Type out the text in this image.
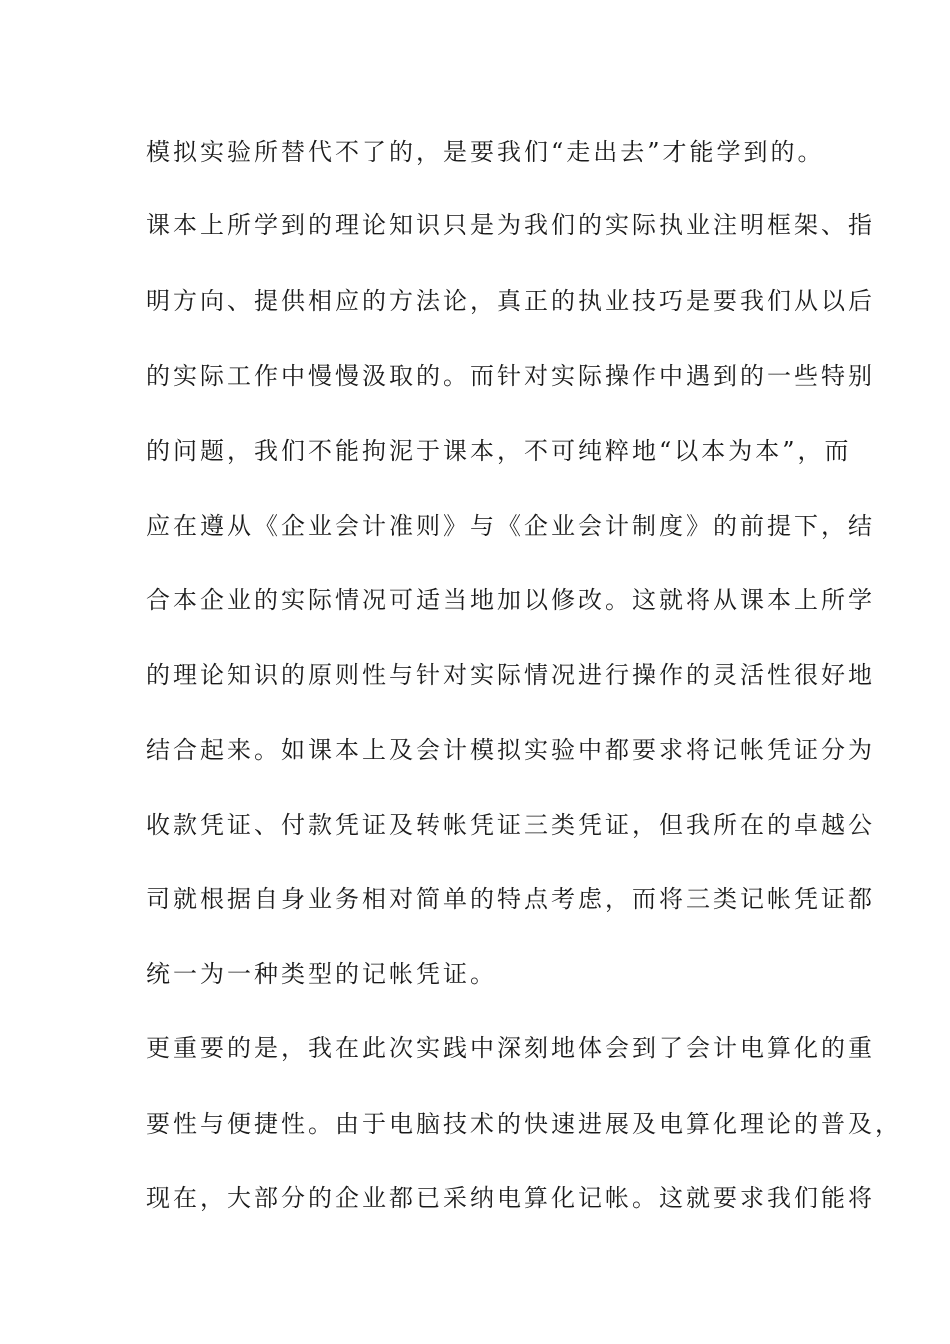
模拟实验所替代不了的，是要我们“走出去”才能学到的。
课本上所学到的理论知识只是为我们的实际执业注明框架、指
明方向、提供相应的方法论，真正的执业技巧是要我们从以后
的实际工作中慢慢汲取的。而针对实际操作中遇到的一些特别
的问题，我们不能拘泥于课本，不可纯粹地“以本为本”，而
应在遵从《企业会计准则》与《企业会计制度》的前提下，结
合本企业的实际情况可适当地加以修改。这就将从课本上所学
的理论知识的原则性与针对实际情况进行操作的灵活性很好地
结合起来。如课本上及会计模拟实验中都要求将记帐凭证分为
收款凭证、付款凭证及转帐凭证三类凭证，但我所在的卓越公
司就根据自身业务相对简单的特点考虑，而将三类记帐凭证都
统一为一种类型的记帐凭证。
更重要的是，我在此次实践中深刻地体会到了会计电算化的重
要性与便捷性。由于电脑技术的快速进展及电算化理论的普及，
现在，大部分的企业都已采纳电算化记帐。这就要求我们能将
